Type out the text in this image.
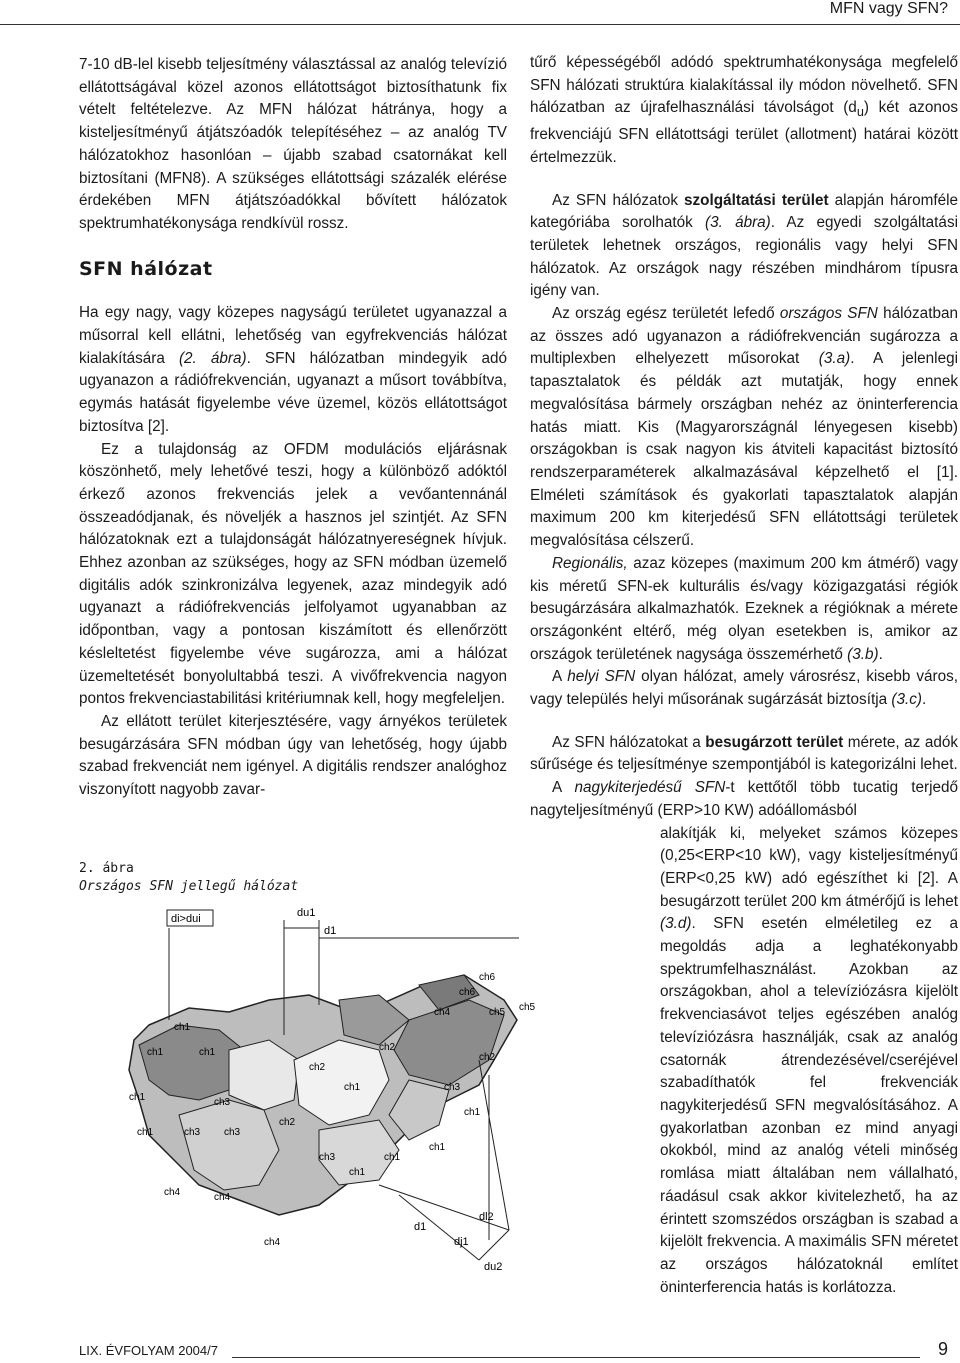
MFN vagy SFN?

7-10 dB-lel kisebb teljesítmény választással az analóg televízió ellátottságával közel azonos ellátottságot biztosíthatunk fix vételt feltételezve. Az MFN hálózat hátránya, hogy a kisteljesítményű átjátszóadók telepítéséhez – az analóg TV hálózatokhoz hasonlóan – újabb szabad csatornákat kell biztosítani (MFN8). A szükséges ellátottsági százalék elérése érdekében MFN átjátszóadókkal bővített hálózatok spektrumhatékonysága rendkívül rossz.

SFN hálózat

Ha egy nagy, vagy közepes nagyságú területet ugyanazzal a műsorral kell ellátni, lehetőség van egyfrekvenciás hálózat kialakítására (2. ábra). SFN hálózatban mindegyik adó ugyanazon a rádiófrekvencián, ugyanazt a műsort továbbítva, egymás hatását figyelembe véve üzemel, közös ellátottságot biztosítva [2].

Ez a tulajdonság az OFDM modulációs eljárásnak köszönhető, mely lehetővé teszi, hogy a különböző adóktól érkező azonos frekvenciás jelek a vevőantennánál összeadódjanak, és növeljék a hasznos jel szintjét. Az SFN hálózatoknak ezt a tulajdonságát hálózatnyereségnek hívjuk. Ehhez azonban az szükséges, hogy az SFN módban üzemelő digitális adók szinkronizálva legyenek, azaz mindegyik adó ugyanazt a rádiófrekvenciás jelfolyamot ugyanabban az időpontban, vagy a pontosan kiszámított és ellenőrzött késleltetést figyelembe véve sugározza, ami a hálózat üzemeltetését bonyolultabbá teszi. A vivőfrekvencia nagyon pontos frekvenciastabilitási kritériumnak kell, hogy megfeleljen.

Az ellátott terület kiterjesztésére, vagy árnyékos területek besugárzására SFN módban úgy van lehetőség, hogy újabb szabad frekvenciát nem igényel. A digitális rendszer analóghoz viszonyított nagyobb zavar-

2. ábra
Országos SFN jellegű hálózat
di>dui	du1
d1
dl2
du2
dj1
d1
ch1
ch1	ch1
ch1
ch1
ch1
ch1
ch1
ch1
ch1
ch2
ch2
ch2
ch2
ch3
ch3 ch3
ch3
ch3
ch4	ch4
ch4
ch4	ch5 ch5
ch6
ch6

tűrő képességéből adódó spektrumhatékonysága megfelelő SFN hálózati struktúra kialakítással ily módon növelhető. SFN hálózatban az újrafelhasználási távolságot $(d_u)$ két azonos frekvenciájú SFN ellátottsági terület (allotment) határai között értelmezzük.

Az SFN hálózatok szolgáltatási terület alapján háromféle kategóriába sorolhatók (3. ábra). Az egyedi szolgáltatási területek lehetnek országos, regionális vagy helyi SFN hálózatok. Az országok nagy részében mindhárom típusra igény van.

Az ország egész területét lefedő országos SFN hálózatban az összes adó ugyanazon a rádiófrekvencián sugározza a multiplexben elhelyezett műsorokat (3.a). A jelenlegi tapasztalatok és példák azt mutatják, hogy ennek megvalósítása bármely országban nehéz az öninterferencia hatás miatt. Kis (Magyarországnál lényegesen kisebb) országokban is csak nagyon kis átviteli kapacitást biztosító rendszerparaméterek alkalmazásával képzelhető el [1]. Elméleti számítások és gyakorlati tapasztalatok alapján maximum 200 km kiterjedésű SFN ellátottsági területek megvalósítása célszerű.

Regionális, azaz közepes (maximum 200 km átmérő) vagy kis méretű SFN-ek kulturális és/vagy közigazgatási régiók besugárzására alkalmazhatók. Ezeknek a régióknak a mérete országonként eltérő, még olyan esetekben is, amikor az országok területének nagysága összemérhető (3.b).

A helyi SFN olyan hálózat, amely városrész, kisebb város, vagy település helyi műsorának sugárzását biztosítja (3.c).

Az SFN hálózatokat a besugárzott terület mérete, az adók sűrűsége és teljesítménye szempontjából is kategorizálni lehet.

A nagykiterjedésű SFN-t kettőtől több tucatig terjedő nagyteljesítményű (ERP>10 KW) adóállomásból

alakítják ki, melyeket számos közepes (0,25<ERP<10 kW), vagy kisteljesítményű (ERP<0,25 kW) adó egészíthet ki [2]. A besugárzott terület 200 km átmérőjű is lehet (3.d). SFN esetén elméletileg ez a megoldás adja a leghatékonyabb spektrumfelhasználást. Azokban az országokban, ahol a televíziózásra kijelölt frekvenciasávot teljes egészében analóg televíziózásra használják, csak az analóg csatornák átrendezésével/cseréjével szabadíthatók fel frekvenciák nagykiterjedésű SFN megvalósításához. A gyakorlatban azonban ez mind anyagi okokból, mind az analóg vételi minőség romlása miatt általában nem vállalható, ráadásul csak akkor kivitelezhető, ha az érintett szomszédos országban is szabad a kijelölt frekvencia. A maximális SFN méretet az országos hálózatoknál említet öninterferencia hatás is korlátozza.

LIX. ÉVFOLYAM 2004/7	9
